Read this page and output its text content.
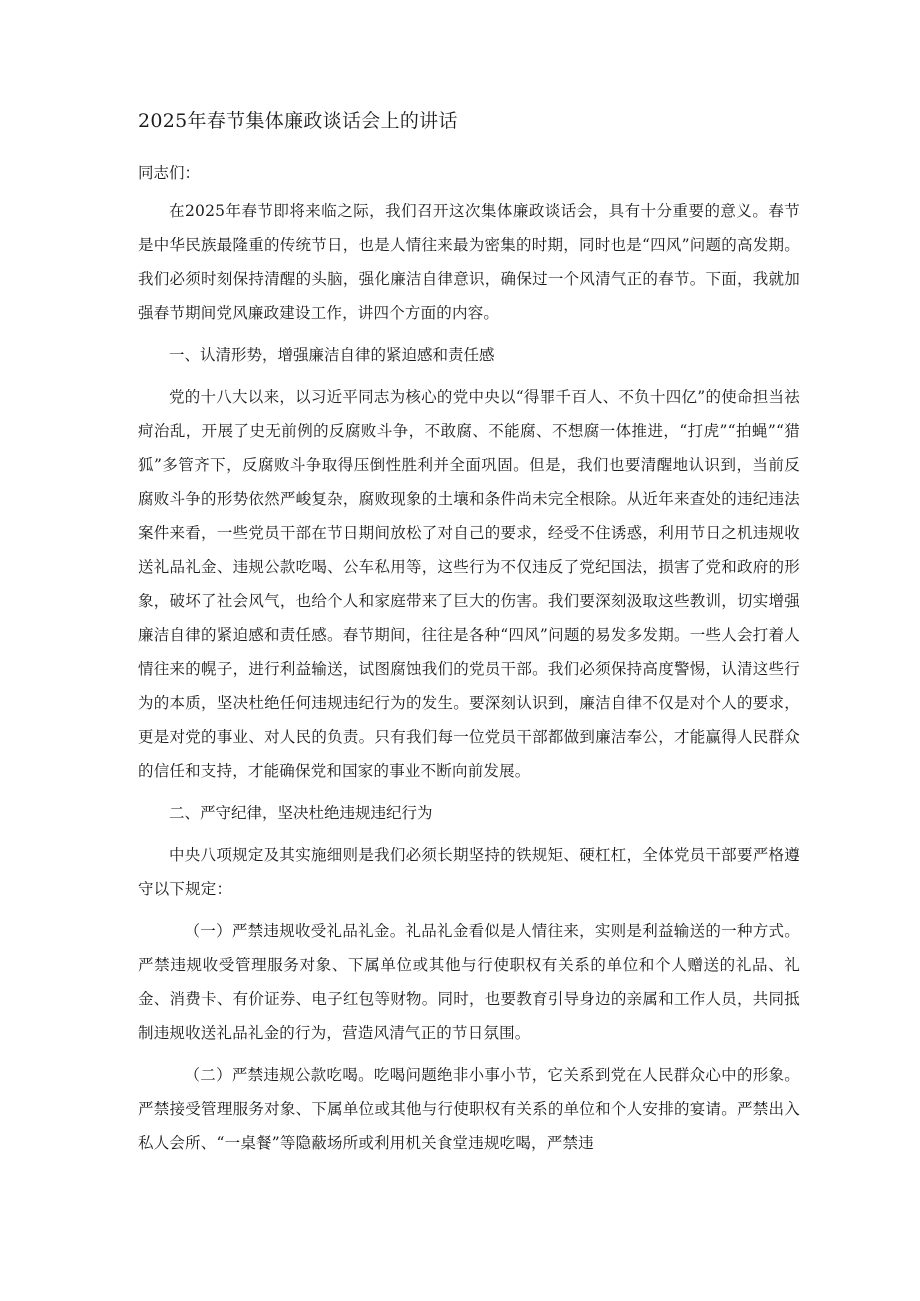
2025年春节集体廉政谈话会上的讲话

同志们：

在2025年春节即将来临之际，我们召开这次集体廉政谈话会，具有十分重要的意义。春节是中华民族最隆重的传统节日，也是人情往来最为密集的时期，同时也是“四风”问题的高发期。我们必须时刻保持清醒的头脑，强化廉洁自律意识，确保过一个风清气正的春节。下面，我就加强春节期间党风廉政建设工作，讲四个方面的内容。

一、认清形势，增强廉洁自律的紧迫感和责任感

党的十八大以来，以习近平同志为核心的党中央以“得罪千百人、不负十四亿”的使命担当祛疴治乱，开展了史无前例的反腐败斗争，不敢腐、不能腐、不想腐一体推进，“打虎”“拍蝇”“猎狐”多管齐下，反腐败斗争取得压倒性胜利并全面巩固。但是，我们也要清醒地认识到，当前反腐败斗争的形势依然严峻复杂，腐败现象的土壤和条件尚未完全根除。从近年来查处的违纪违法案件来看，一些党员干部在节日期间放松了对自己的要求，经受不住诱惑，利用节日之机违规收送礼品礼金、违规公款吃喝、公车私用等，这些行为不仅违反了党纪国法，损害了党和政府的形象，破坏了社会风气，也给个人和家庭带来了巨大的伤害。我们要深刻汲取这些教训，切实增强廉洁自律的紧迫感和责任感。春节期间，往往是各种“四风”问题的易发多发期。一些人会打着人情往来的幌子，进行利益输送，试图腐蚀我们的党员干部。我们必须保持高度警惕，认清这些行为的本质，坚决杜绝任何违规违纪行为的发生。要深刻认识到，廉洁自律不仅是对个人的要求，更是对党的事业、对人民的负责。只有我们每一位党员干部都做到廉洁奉公，才能赢得人民群众的信任和支持，才能确保党和国家的事业不断向前发展。

二、严守纪律，坚决杜绝违规违纪行为

中央八项规定及其实施细则是我们必须长期坚持的铁规矩、硬杠杠，全体党员干部要严格遵守以下规定：

（一）严禁违规收受礼品礼金。礼品礼金看似是人情往来，实则是利益输送的一种方式。严禁违规收受管理服务对象、下属单位或其他与行使职权有关系的单位和个人赠送的礼品、礼金、消费卡、有价证券、电子红包等财物。同时，也要教育引导身边的亲属和工作人员，共同抵制违规收送礼品礼金的行为，营造风清气正的节日氛围。

（二）严禁违规公款吃喝。吃喝问题绝非小事小节，它关系到党在人民群众心中的形象。严禁接受管理服务对象、下属单位或其他与行使职权有关系的单位和个人安排的宴请。严禁出入私人会所、“一桌餐”等隐蔽场所或利用机关食堂违规吃喝，严禁违
